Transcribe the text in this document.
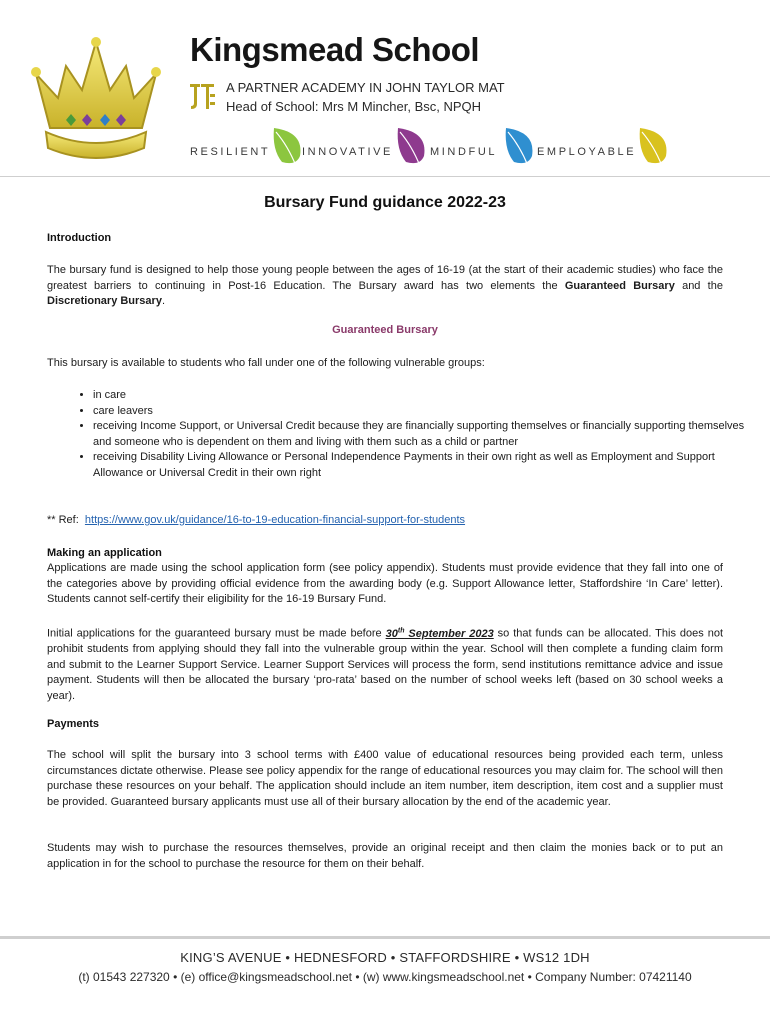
Kingsmead School
A PARTNER ACADEMY IN JOHN TAYLOR MAT
Head of School: Mrs M Mincher, Bsc, NPQH
RESILIENT	INNOVATIVE	MINDFUL	EMPLOYABLE
Bursary Fund guidance 2022-23
Introduction
The bursary fund is designed to help those young people between the ages of 16-19 (at the start of their academic studies) who face the greatest barriers to continuing in Post-16 Education. The Bursary award has two elements the Guaranteed Bursary and the Discretionary Bursary.
Guaranteed Bursary
This bursary is available to students who fall under one of the following vulnerable groups:
• in care
• care leavers
• receiving Income Support, or Universal Credit because they are financially supporting themselves or financially supporting themselves and someone who is dependent on them and living with them such as a child or partner
• receiving Disability Living Allowance or Personal Independence Payments in their own right as well as Employment and Support Allowance or Universal Credit in their own right
** Ref: https://www.gov.uk/guidance/16-to-19-education-financial-support-for-students
Making an application
Applications are made using the school application form (see policy appendix). Students must provide evidence that they fall into one of the categories above by providing official evidence from the awarding body (e.g. Support Allowance letter, Staffordshire ‘In Care’ letter). Students cannot self-certify their eligibility for the 16-19 Bursary Fund.
Initial applications for the guaranteed bursary must be made before 30th September 2023 so that funds can be allocated. This does not prohibit students from applying should they fall into the vulnerable group within the year. School will then complete a funding claim form and submit to the Learner Support Service. Learner Support Services will process the form, send institutions remittance advice and issue payment. Students will then be allocated the bursary ‘pro-rata’ based on the number of school weeks left (based on 30 school weeks a year).
Payments
The school will split the bursary into 3 school terms with £400 value of educational resources being provided each term, unless circumstances dictate otherwise. Please see policy appendix for the range of educational resources you may claim for. The school will then purchase these resources on your behalf. The application should include an item number, item description, item cost and a supplier must be provided. Guaranteed bursary applicants must use all of their bursary allocation by the end of the academic year.
Students may wish to purchase the resources themselves, provide an original receipt and then claim the monies back or to put an application in for the school to purchase the resource for them on their behalf.
KING’S AVENUE • HEDNESFORD • STAFFORDSHIRE • WS12 1DH
(t) 01543 227320 • (e) office@kingsmeadschool.net • (w) www.kingsmeadschool.net • Company Number: 07421140
